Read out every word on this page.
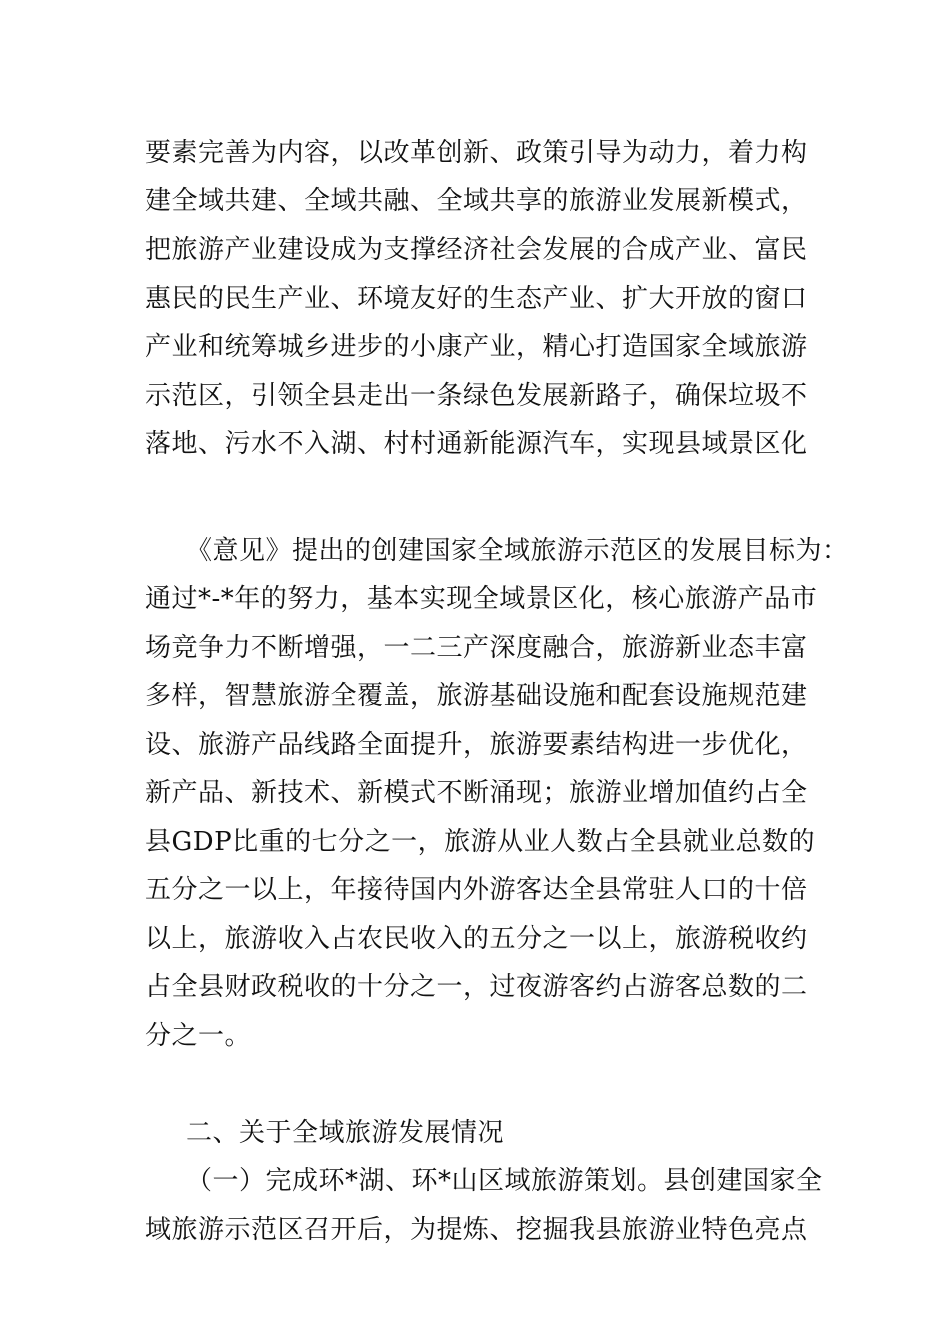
要素完善为内容，以改革创新、政策引导为动力，着力构
建全域共建、全域共融、全域共享的旅游业发展新模式，
把旅游产业建设成为支撑经济社会发展的合成产业、富民
惠民的民生产业、环境友好的生态产业、扩大开放的窗口
产业和统筹城乡进步的小康产业，精心打造国家全域旅游
示范区，引领全县走出一条绿色发展新路子，确保垃圾不
落地、污水不入湖、村村通新能源汽车，实现县域景区化
《意见》提出的创建国家全域旅游示范区的发展目标为：
通过*-*年的努力，基本实现全域景区化，核心旅游产品市
场竞争力不断增强，一二三产深度融合，旅游新业态丰富
多样，智慧旅游全覆盖，旅游基础设施和配套设施规范建
设、旅游产品线路全面提升，旅游要素结构进一步优化，
新产品、新技术、新模式不断涌现；旅游业增加值约占全
县GDP比重的七分之一，旅游从业人数占全县就业总数的
五分之一以上，年接待国内外游客达全县常驻人口的十倍
以上，旅游收入占农民收入的五分之一以上，旅游税收约
占全县财政税收的十分之一，过夜游客约占游客总数的二
分之一。
二、关于全域旅游发展情况
（一）完成环*湖、环*山区域旅游策划。县创建国家全
域旅游示范区召开后，为提炼、挖掘我县旅游业特色亮点
